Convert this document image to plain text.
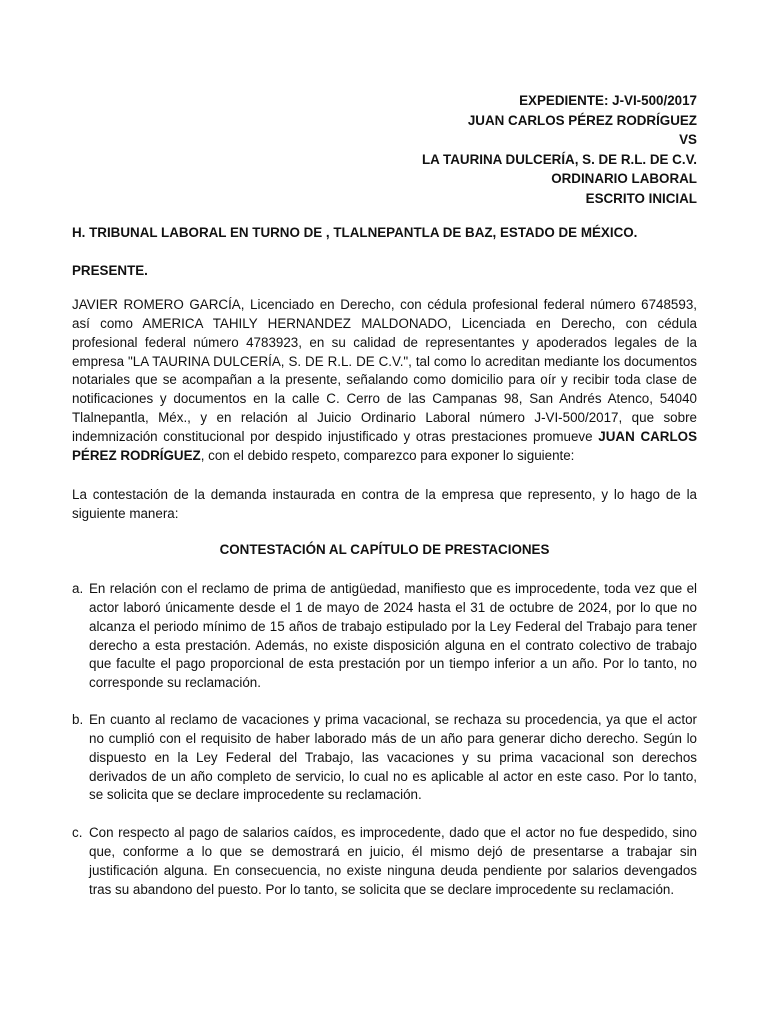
EXPEDIENTE: J-VI-500/2017
JUAN CARLOS PÉREZ RODRÍGUEZ
VS
LA TAURINA DULCERÍA, S. DE R.L. DE C.V.
ORDINARIO LABORAL
ESCRITO INICIAL
H. TRIBUNAL LABORAL EN TURNO DE , TLALNEPANTLA DE BAZ, ESTADO DE MÉXICO.
PRESENTE.
JAVIER ROMERO GARCÍA, Licenciado en Derecho, con cédula profesional federal número 6748593, así como AMERICA TAHILY HERNANDEZ MALDONADO, Licenciada en Derecho, con cédula profesional federal número 4783923, en su calidad de representantes y apoderados legales de la empresa "LA TAURINA DULCERÍA, S. DE R.L. DE C.V.", tal como lo acreditan mediante los documentos notariales que se acompañan a la presente, señalando como domicilio para oír y recibir toda clase de notificaciones y documentos en la calle C. Cerro de las Campanas 98, San Andrés Atenco, 54040 Tlalnepantla, Méx., y en relación al Juicio Ordinario Laboral número J-VI-500/2017, que sobre indemnización constitucional por despido injustificado y otras prestaciones promueve JUAN CARLOS PÉREZ RODRÍGUEZ, con el debido respeto, comparezco para exponer lo siguiente:
La contestación de la demanda instaurada en contra de la empresa que represento, y lo hago de la siguiente manera:
CONTESTACIÓN AL CAPÍTULO DE PRESTACIONES
a. En relación con el reclamo de prima de antigüedad, manifiesto que es improcedente, toda vez que el actor laboró únicamente desde el 1 de mayo de 2024 hasta el 31 de octubre de 2024, por lo que no alcanza el periodo mínimo de 15 años de trabajo estipulado por la Ley Federal del Trabajo para tener derecho a esta prestación. Además, no existe disposición alguna en el contrato colectivo de trabajo que faculte el pago proporcional de esta prestación por un tiempo inferior a un año. Por lo tanto, no corresponde su reclamación.
b. En cuanto al reclamo de vacaciones y prima vacacional, se rechaza su procedencia, ya que el actor no cumplió con el requisito de haber laborado más de un año para generar dicho derecho. Según lo dispuesto en la Ley Federal del Trabajo, las vacaciones y su prima vacacional son derechos derivados de un año completo de servicio, lo cual no es aplicable al actor en este caso. Por lo tanto, se solicita que se declare improcedente su reclamación.
c. Con respecto al pago de salarios caídos, es improcedente, dado que el actor no fue despedido, sino que, conforme a lo que se demostrará en juicio, él mismo dejó de presentarse a trabajar sin justificación alguna. En consecuencia, no existe ninguna deuda pendiente por salarios devengados tras su abandono del puesto. Por lo tanto, se solicita que se declare improcedente su reclamación.
